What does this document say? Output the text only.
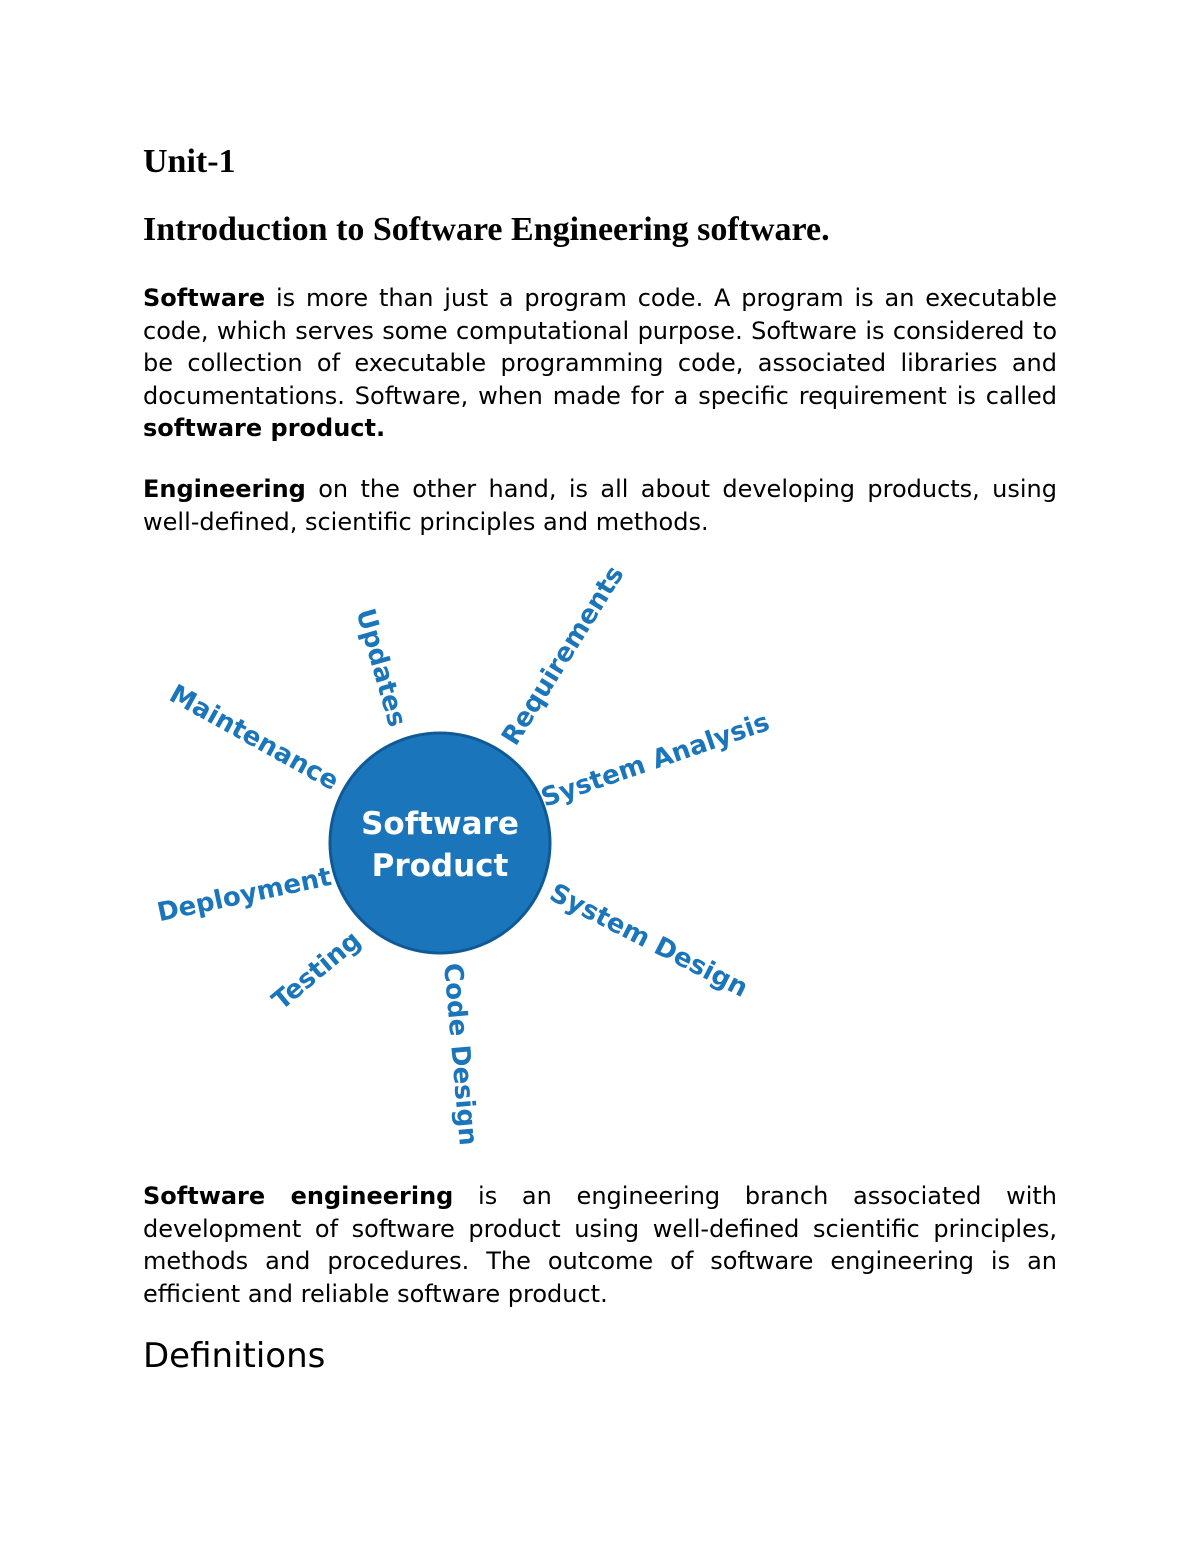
Unit-1
Introduction to Software Engineering software.

Software is more than just a program code. A program is an executable code, which serves some computational purpose. Software is considered to be collection of executable programming code, associated libraries and documentations. Software, when made for a specific requirement is called software product.

Engineering on the other hand, is all about developing products, using well-defined, scientific principles and methods.

Software
Product
Updates	Requirements
Maintenance	System Analysis
Deployment	System Design
Testing	Code Design

Software engineering is an engineering branch associated with development of software product using well-defined scientific principles, methods and procedures. The outcome of software engineering is an efficient and reliable software product.

Definitions
